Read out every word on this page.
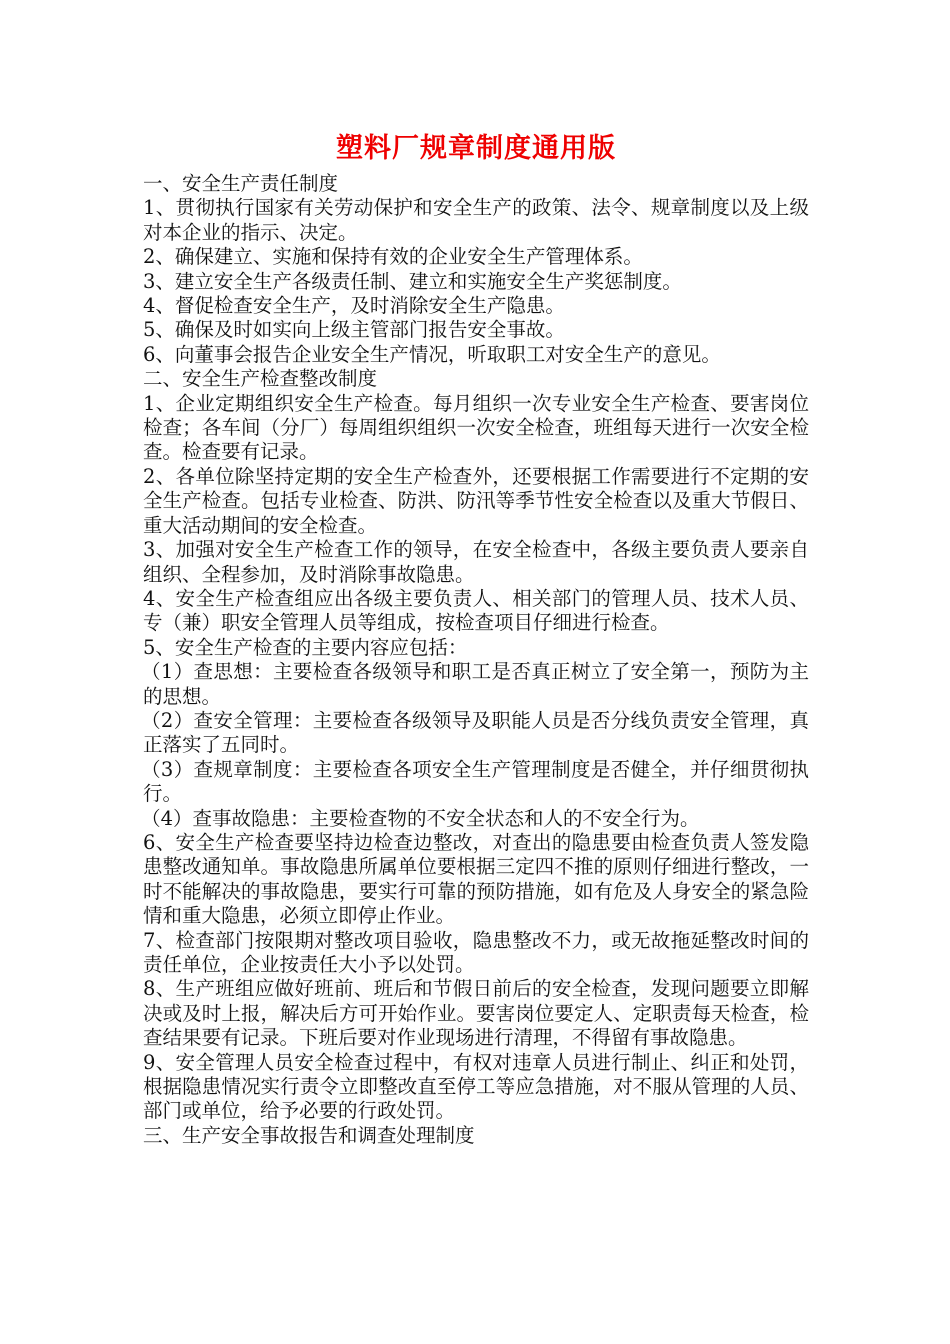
塑料厂规章制度通用版

一、安全生产责任制度

1、贯彻执行国家有关劳动保护和安全生产的政策、法令、规章制度以及上级对本企业的指示、决定。

2、确保建立、实施和保持有效的企业安全生产管理体系。

3、建立安全生产各级责任制、建立和实施安全生产奖惩制度。

4、督促检查安全生产，及时消除安全生产隐患。

5、确保及时如实向上级主管部门报告安全事故。

6、向董事会报告企业安全生产情况，听取职工对安全生产的意见。

二、安全生产检查整改制度

1、企业定期组织安全生产检查。每月组织一次专业安全生产检查、要害岗位检查；各车间（分厂）每周组织组织一次安全检查，班组每天进行一次安全检查。检查要有记录。

2、各单位除坚持定期的安全生产检查外，还要根据工作需要进行不定期的安全生产检查。包括专业检查、防洪、防汛等季节性安全检查以及重大节假日、重大活动期间的安全检查。

3、加强对安全生产检查工作的领导，在安全检查中，各级主要负责人要亲自组织、全程参加，及时消除事故隐患。

4、安全生产检查组应出各级主要负责人、相关部门的管理人员、技术人员、专（兼）职安全管理人员等组成，按检查项目仔细进行检查。

5、安全生产检查的主要内容应包括：

（1）查思想：主要检查各级领导和职工是否真正树立了安全第一，预防为主的思想。

（2）查安全管理：主要检查各级领导及职能人员是否分线负责安全管理，真正落实了五同时。

（3）查规章制度：主要检查各项安全生产管理制度是否健全，并仔细贯彻执行。

（4）查事故隐患：主要检查物的不安全状态和人的不安全行为。

6、安全生产检查要坚持边检查边整改，对查出的隐患要由检查负责人签发隐患整改通知单。事故隐患所属单位要根据三定四不推的原则仔细进行整改，一时不能解决的事故隐患，要实行可靠的预防措施，如有危及人身安全的紧急险情和重大隐患，必须立即停止作业。

7、检查部门按限期对整改项目验收，隐患整改不力，或无故拖延整改时间的责任单位，企业按责任大小予以处罚。

8、生产班组应做好班前、班后和节假日前后的安全检查，发现问题要立即解决或及时上报，解决后方可开始作业。要害岗位要定人、定职责每天检查，检查结果要有记录。下班后要对作业现场进行清理，不得留有事故隐患。

9、安全管理人员安全检查过程中，有权对违章人员进行制止、纠正和处罚，根据隐患情况实行责令立即整改直至停工等应急措施，对不服从管理的人员、部门或单位，给予必要的行政处罚。

三、生产安全事故报告和调查处理制度
